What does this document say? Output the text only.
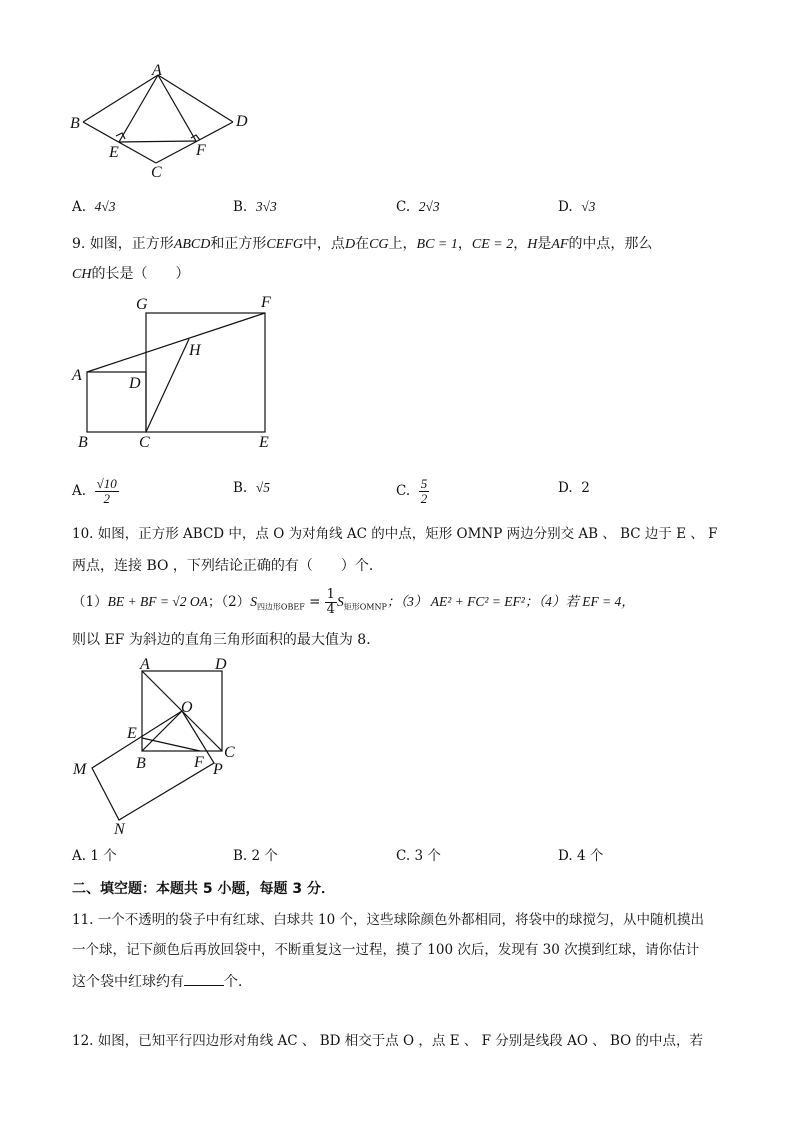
A
B	D
E	F
C
A. 4√3	B. 3√3	C. 2√3	D. √3
9. 如图，正方形ABCD和正方形CEFG中，点D在CG上，BC = 1，CE = 2，H是AF的中点，那么
CH的长是（　　）
G	F
H
A	D
B	C	E
A. $\frac{√10}{2}$	B. √5	C. $\frac{5}{2}$	D. 2
10. 如图，正方形 ABCD 中，点 O 为对角线 AC 的中点，矩形 OMNP 两边分别交 AB 、 BC 边于 E 、 F
两点，连接 BO ，下列结论正确的有（　　）个．
（1）BE + BF = √2 OA；$(2)S_{四边形OBEF} = \frac{1}{4} S_{矩形OMNP}$；（3） AE² + FC² = EF²；（4）若 EF = 4，
则以 EF 为斜边的直角三角形面积的最大值为 8．
A	D
O
E
C
B	F P
M
N
A. 1 个	B. 2 个	C. 3 个	D. 4 个
二、填空题：本题共 5 小题，每题 3 分．
11. 一个不透明的袋子中有红球、白球共 10 个，这些球除颜色外都相同，将袋中的球搅匀，从中随机摸出
一个球，记下颜色后再放回袋中，不断重复这一过程，摸了 100 次后，发现有 30 次摸到红球，请你估计
这个袋中红球约有	个．
12. 如图，已知平行四边形对角线 AC 、 BD 相交于点 O ，点 E 、 F 分别是线段 AO 、 BO 的中点，若
